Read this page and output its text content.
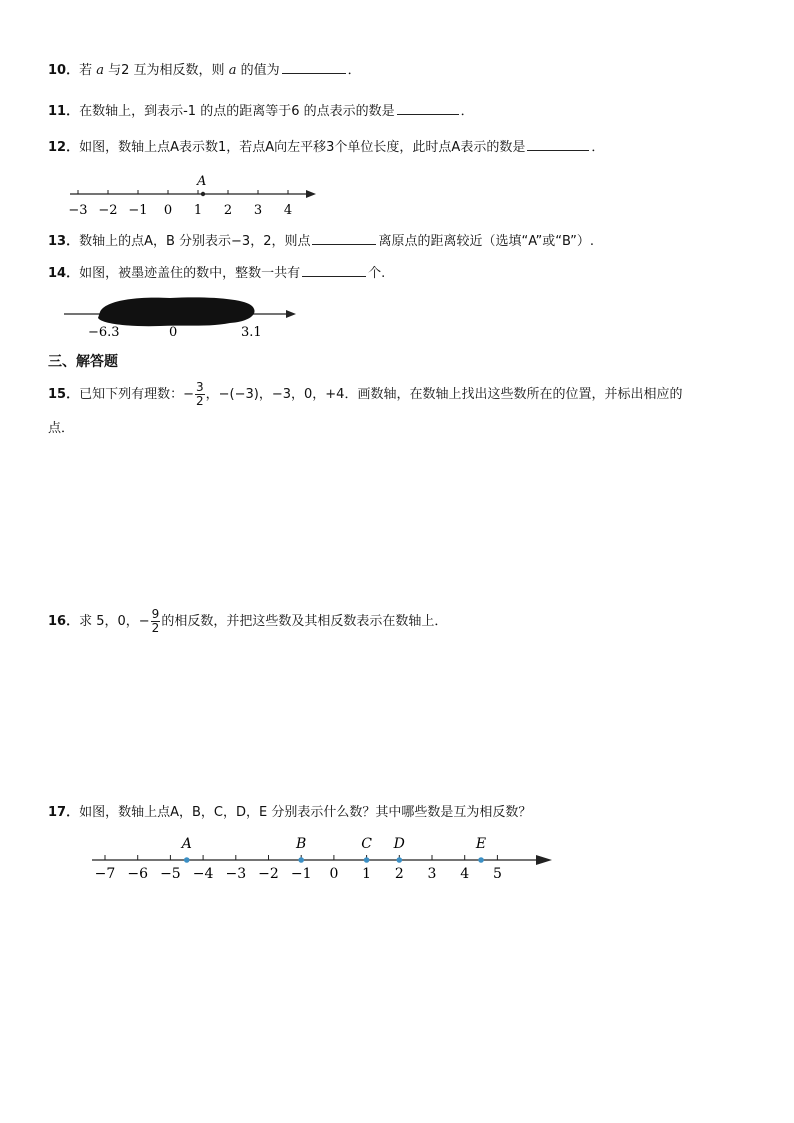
10．若 a 与2 互为相反数，则 a 的值为	．
11．在数轴上，到表示-1 的点的距离等于6 的点表示的数是	．
12．如图，数轴上点A表示数1，若点A向左平移3个单位长度，此时点A表示的数是	．
−3 −2 −1 0 1 2 3 4
A
13．数轴上的点A，B 分别表示−3，2，则点	离原点的距离较近（选填“A”或“B”）.
14．如图，被墨迹盖住的数中，整数一共有	个.
−6.3	0	3.1
三、解答题
15．已知下列有理数：− $\frac{3}{2}$ ，−(−3)，−3，0，+4．画数轴，在数轴上找出这些数所在的位置，并标出相应的
点．
16．求 5，0，− $\frac{9}{2}$ 的相反数，并把这些数及其相反数表示在数轴上．
17．如图，数轴上点A，B，C，D，E 分别表示什么数？其中哪些数是互为相反数？
−7 −6 −5 −4 −3 −2 −1 0 1 2 3 4 5
A	B	C D	E
